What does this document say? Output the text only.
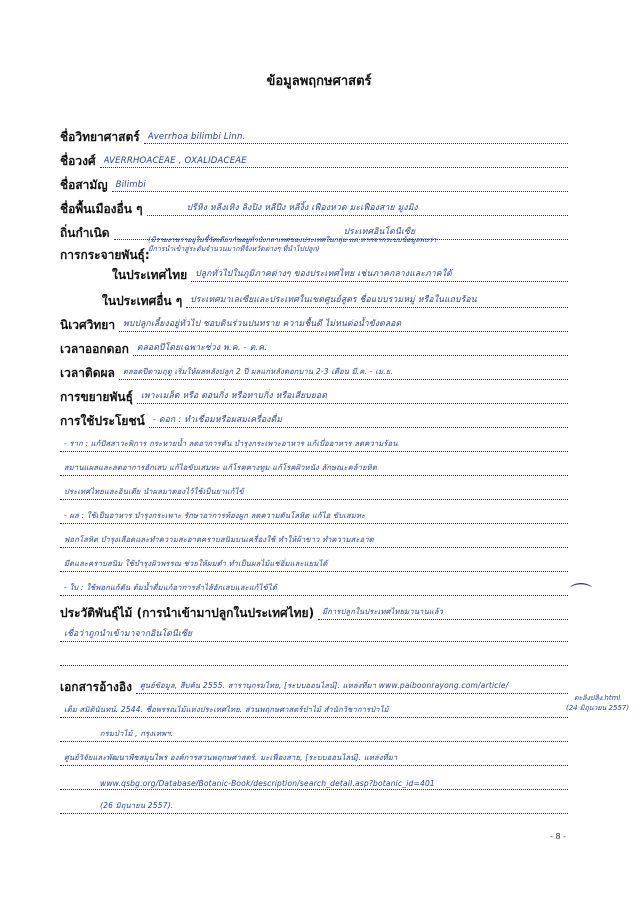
ข้อมูลพฤกษศาสตร์
ชื่อวิทยาศาสตร์ Averrhoa bilimbi Linn.
ชื่อวงศ์ AVERRHOACEAE , OXALIDACEAE
ชื่อสามัญ Bilimbi
ชื่อพื้นเมืองอื่น ๆ	ปรีหิง หลีงเหิง ลิงปิง หลีปีง หลีงิ้ง เฟืองหวด มะเฟืองสาย มูงมิง
ถิ่นกำเนิด	ประเทศอินโดนีเซีย
การกระจายพันธุ์:
(มีรายงานว่าอยู่ในชี้วัดเดียวกันอยู่ทั่วบังกลาเทศของประเทศในกลุ่ม แต่ หากจากระบบข้อมูลพบว่า
มีการนำเข้าสู่ระดับจำนวนมากที่จังหวัดต่างๆ ที่นำไปปลูก)
ในประเทศไทย ปลูกทั่วไปในภูมิภาคต่างๆ ของประเทศไทย เช่นภาคกลางและภาคใต้
ในประเทศอื่น ๆ ประเทศมาเลเซียและประเทศในเขตศูนย์สูตร ชื่อแบบรวมหมู่ หรือในแถบร้อน
นิเวศวิทยา พบปลูกเลี้ยงอยู่ทั่วไป ชอบดินร่วนปนทราย ความชื้นดี ไม่ทนต่อน้ำขังตลอด
เวลาออกดอก ตลอดปีโดยเฉพาะช่วง พ.ค. - ต.ค.
เวลาติดผล	ตลอดปีตามฤดู เริ่มให้ผลหลังปลูก 2 ปี ผลแก่หลังดอกบาน 2-3 เดือน มี.ค. - เม.ย.
การขยายพันธุ์ เพาะเมล็ด หรือ ตอนกิ่ง หรือทาบกิ่ง หรือเสียบยอด
การใช้ประโยชน์ - ดอก : ทำเชื่อมหรือผสมเครื่องดื่ม
- ราก : แก้ปัสสาวะพิการ กระหายน้ำ ลดอาการคัน บำรุงกระเพาะอาหาร แก้เบื่ออาหาร ลดความร้อน
สมานแผลและลดอาการอักเสบ แก้ไอขับเสมหะ แก้โรคคางทูม แก้โรคผิวหนัง ลักษณะคล้ายหิด
ประเทศไทยและอินเดีย นำผลมาดองไว้ใช้เป็นยาแก้ไข้
- ผล : ใช้เป็นอาหาร บำรุงกระเพาะ รักษาอาการท้องผูก ลดความดันโลหิต แก้ไอ ขับเสมหะ
ฟอกโลหิต บำรุงเลือดและทำความสะอาดคราบสนิมบนเครื่องใช้ ทำให้ผ้าขาว ทำความสะอาด
มีดและคราบสนิม ใช้บำรุงผิวพรรณ ช่วยให้ผมดำ ทำเป็นผลไม้แช่อิ่มและแยมได้
- ใบ : ใช้พอกแก้คัน ต้มน้ำดื่มแก้อาการลำไส้อักเสบและแก้ไข้ได้
ประวัติพันธุ์ไม้ (การนำเข้ามาปลูกในประเทศไทย)	มีการปลูกในประเทศไทยมานานแล้ว
เชื่อว่าถูกนำเข้ามาจากอินโดนีเซีย
⌒
เอกสารอ้างอิง	ศูนย์ข้อมูล, สืบค้น 2555. สารานุกรมไทย, [ระบบออนไลน์]. แหล่งที่มา www.paiboonrayong.com/article/
เต็ม สมิตินันทน์. 2544. ชื่อพรรณไม้แห่งประเทศไทย. ส่วนพฤกษศาสตร์ป่าไม้ สำนักวิชาการป่าไม้
กรมป่าไม้ , กรุงเทพฯ.
ศูนย์วิจัยและพัฒนาพืชสมุนไพร องค์การสวนพฤกษศาสตร์. มะเฟืองสาย, [ระบบออนไลน์]. แหล่งที่มา
www.qsbg.org/Database/Botanic-Book/description/search_detail.asp?botanic_id=401
(26 มิถุนายน 2557).
ตะลิงปลิง.html
(24 มิถุนายน 2557)
- 8 -
